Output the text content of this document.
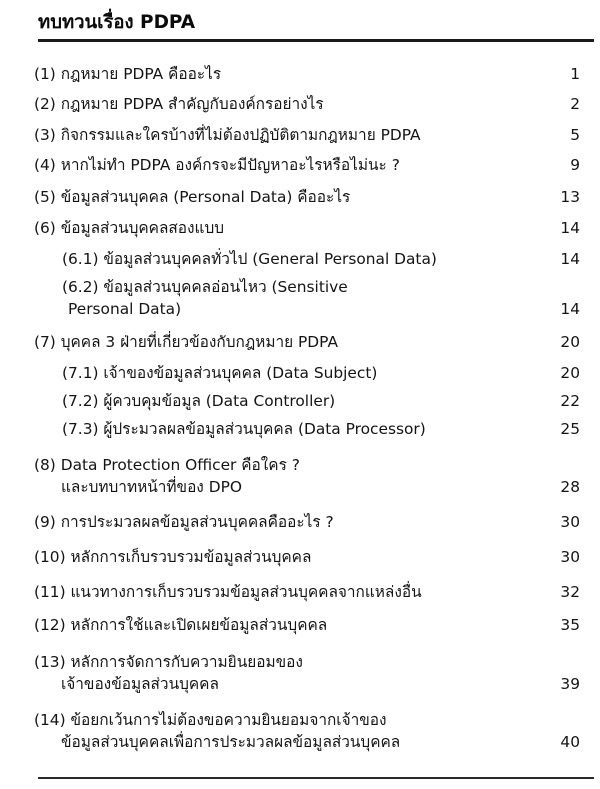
ทบทวนเรื่อง PDPA
(1) กฎหมาย PDPA คืออะไร	1
(2) กฎหมาย PDPA สำคัญกับองค์กรอย่างไร	2
(3) กิจกรรมและใครบ้างที่ไม่ต้องปฏิบัติตามกฎหมาย PDPA	5
(4) หากไม่ทำ PDPA องค์กรจะมีปัญหาอะไรหรือไม่นะ ?	9
(5) ข้อมูลส่วนบุคคล (Personal Data) คืออะไร	13
(6) ข้อมูลส่วนบุคคลสองแบบ	14
(6.1) ข้อมูลส่วนบุคคลทั่วไป (General Personal Data)	14
(6.2) ข้อมูลส่วนบุคคลอ่อนไหว (Sensitive
Personal Data)	14
(7) บุคคล 3 ฝ่ายที่เกี่ยวข้องกับกฎหมาย PDPA	20
(7.1) เจ้าของข้อมูลส่วนบุคคล (Data Subject)	20
(7.2) ผู้ควบคุมข้อมูล (Data Controller)	22
(7.3) ผู้ประมวลผลข้อมูลส่วนบุคคล (Data Processor)	25
(8) Data Protection Officer คือใคร ?
และบทบาทหน้าที่ของ DPO	28
(9) การประมวลผลข้อมูลส่วนบุคคลคืออะไร ?	30
(10) หลักการเก็บรวบรวมข้อมูลส่วนบุคคล	30
(11) แนวทางการเก็บรวบรวมข้อมูลส่วนบุคคลจากแหล่งอื่น	32
(12) หลักการใช้และเปิดเผยข้อมูลส่วนบุคคล	35
(13) หลักการจัดการกับความยินยอมของ
เจ้าของข้อมูลส่วนบุคคล	39
(14) ข้อยกเว้นการไม่ต้องขอความยินยอมจากเจ้าของ
ข้อมูลส่วนบุคคลเพื่อการประมวลผลข้อมูลส่วนบุคคล	40
